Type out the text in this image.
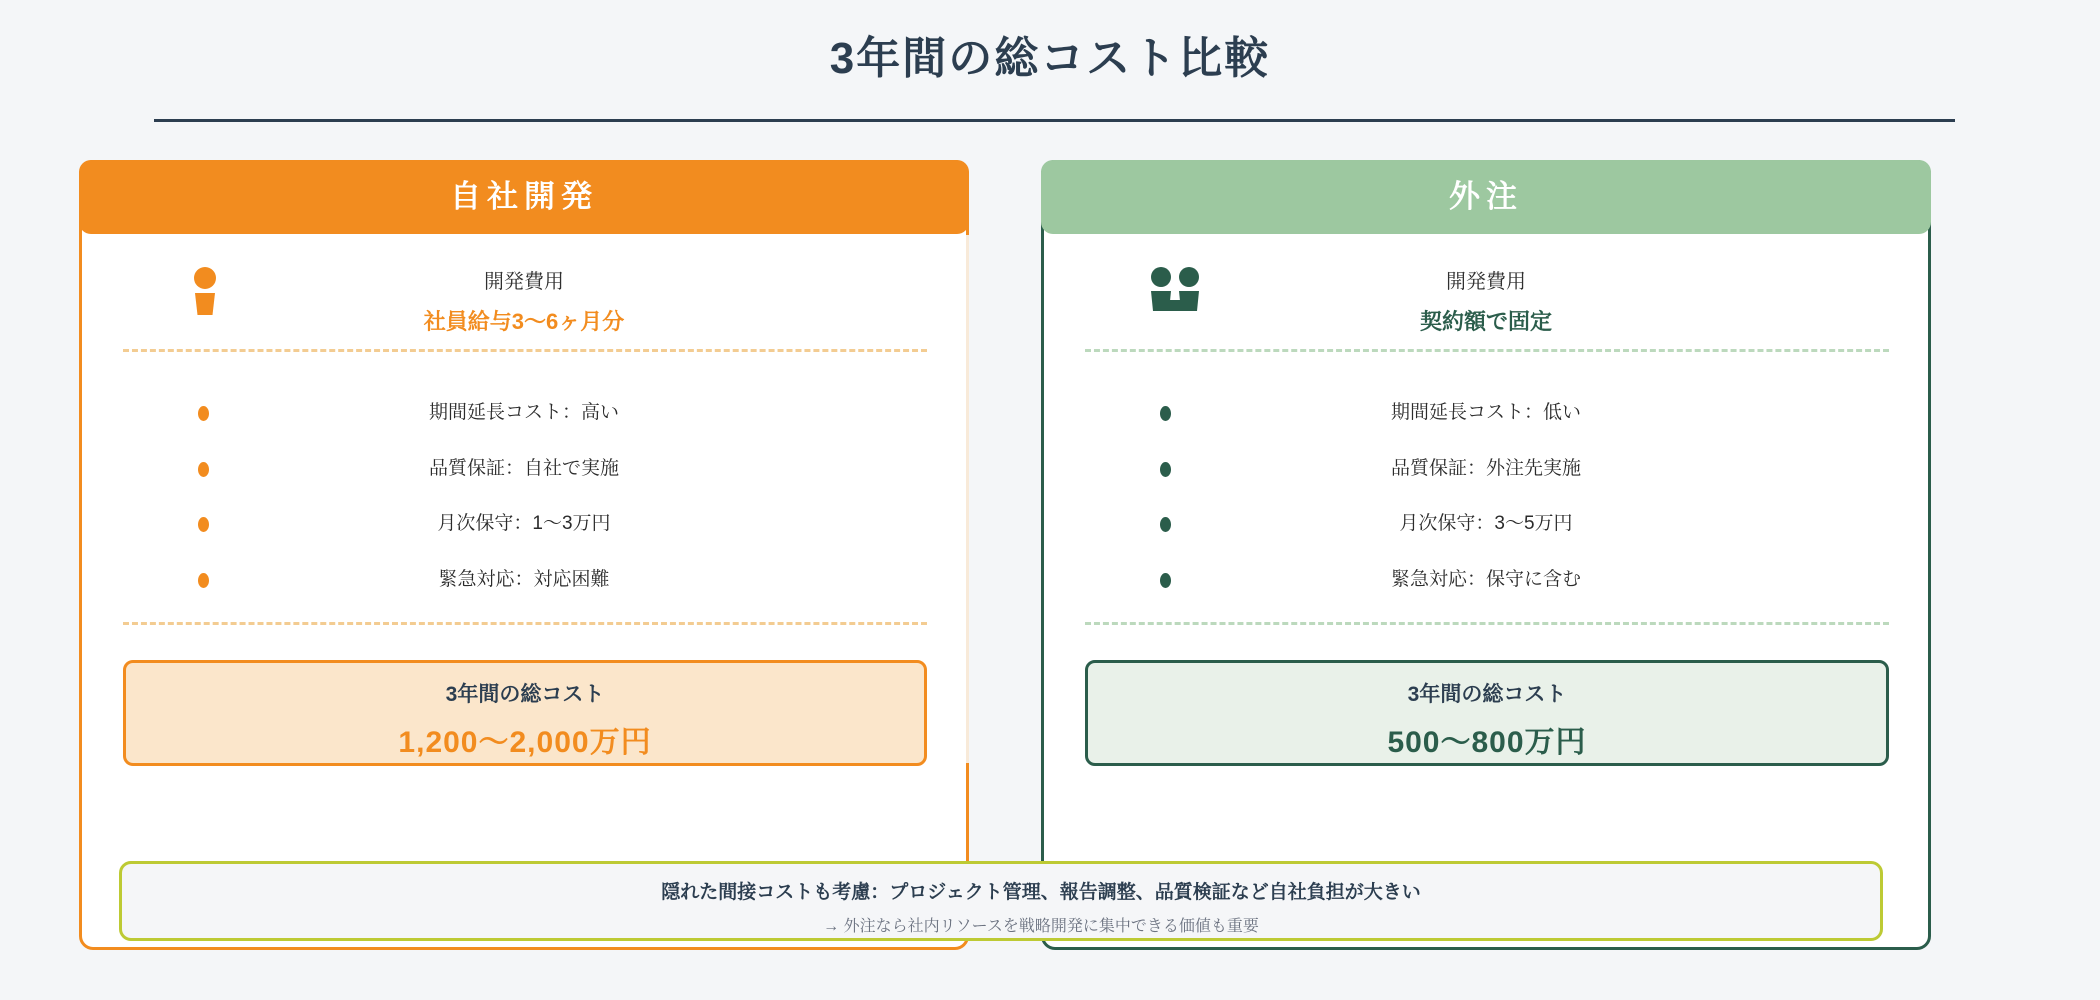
3年間の総コスト比較
自社開発
開発費用
社員給与3〜6ヶ月分
期間延長コスト：高い
品質保証：自社で実施
月次保守：1〜3万円
緊急対応：対応困難
3年間の総コスト
1,200〜2,000万円
外注
開発費用
契約額で固定
期間延長コスト：低い
品質保証：外注先実施
月次保守：3〜5万円
緊急対応：保守に含む
3年間の総コスト
500〜800万円
隠れた間接コストも考慮：プロジェクト管理、報告調整、品質検証など自社負担が大きい
→ 外注なら社内リソースを戦略開発に集中できる価値も重要
